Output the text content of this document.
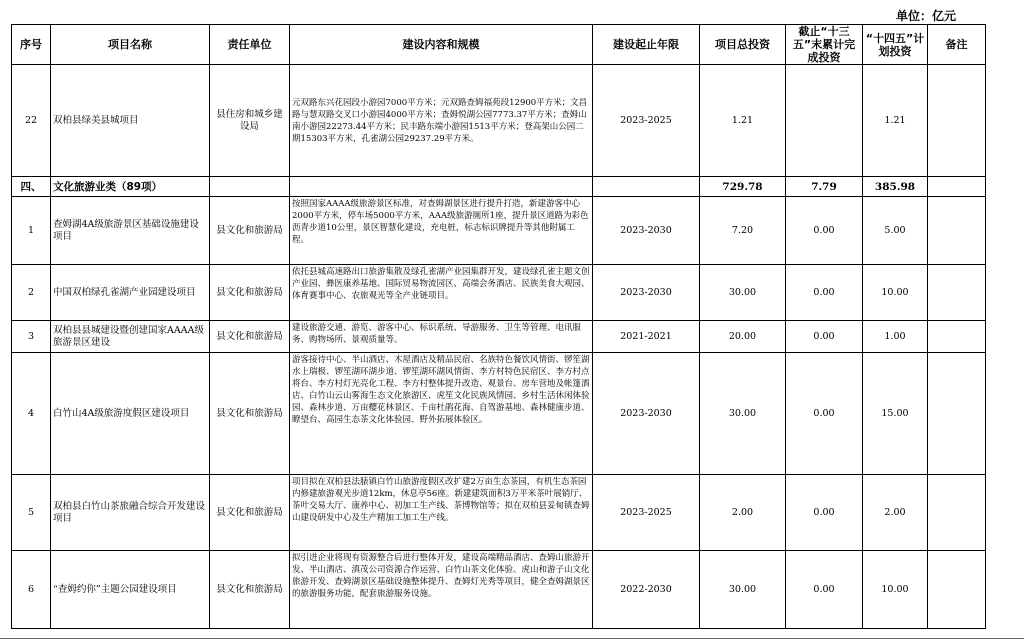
单位：亿元
序号	项目名称	责任单位	建设内容和规模	建设起止年限	项目总投资	截止“十三五”末累计完成投资	“十四五”计划投资	备注
22	双柏县绿美县城项目	县住房和城乡建设局	元双路东兴花园段小游园7000平方米；元双路查姆福苑段12900平方米；文昌路与慧双路交叉口小游园4000平方米；查姆悦湖公园7773.37平方米；查姆山南小游园22273.44平方米；民丰路东端小游园1513平方米；登高架山公园二期15303平方米，孔雀湖公园29237.29平方米。	2023-2025	1.21		1.21	
四、	文化旅游业类（89项）				729.78	7.79	385.98	
1	查姆湖4A级旅游景区基础设施建设项目	县文化和旅游局	按照国家AAAA级旅游景区标准，对查姆湖景区进行提升打造，新建游客中心2000平方米，停车场5000平方米，AAA级旅游厕所1座，提升景区道路为彩色沥青步道10公里，景区智慧化建设，充电桩，标志标识牌提升等其他附属工程。	2023-2030	7.20	0.00	5.00	
2	中国双柏绿孔雀湖产业园建设项目	县文化和旅游局	依托县城高速路出口旅游集散及绿孔雀湖产业园集群开发，建设绿孔雀主题文创产业园、彝医康养基地、国际贸易物流园区、高端会务酒店、民族美食大观园、体育赛事中心、农旅观光等全产业链项目。	2023-2030	30.00	0.00	10.00	
3	双柏县县城建设暨创建国家AAAA级旅游景区建设	县文化和旅游局	建设旅游交通、游览、游客中心、标识系统、导游服务、卫生等管理、电讯服务、购物场所、景观质量等。	2021-2021	20.00	0.00	1.00	
4	白竹山4A级旅游度假区建设项目	县文化和旅游局	游客接待中心、半山酒店、木屋酒店及精品民宿、名族特色餐饮风情街、锣笙湖水上瑞极、锣笙湖环湖步道、锣笙湖环湖风情街、李方村特色民宿区、李方村点将台、李方村灯光亮化工程、李方村整体提升改造、观景台、房车营地及帐篷酒店、白竹山云山雾海生态文化旅游区、虎笙文化民族风情园、乡村生活休闲体验园、森林步道、万亩樱花林景区、千亩杜鹃花海、自驾游基地、森林健康步道、瞭望台、高园生态茶文化体验园、野外拓展体验区。	2023-2030	30.00	0.00	15.00	
5	双柏县白竹山茶旅融合综合开发建设项目	县文化和旅游局	项目拟在双柏县法脿镇白竹山旅游度假区改扩建2万亩生态茶园，有机生态茶园内修建旅游观光步道12km，休息亭56座。新建建筑面积3万平米茶叶展销厅、茶叶交易大厅、康养中心、初加工生产线、茶博物馆等；拟在双柏县妥甸镇查姆山建设研发中心及生产精加工加工生产线。	2023-2025	2.00	0.00	2.00	
6	“查姆约你”主题公园建设项目	县文化和旅游局	拟引进企业将现有资源整合后进行整体开发，建设高端精品酒店、查姆山旅游开发、半山酒店、滇茂公司资源合作运营、白竹山茶文化体验、虎山和游子山文化旅游开发、查姆湖景区基础设施整体提升、查姆灯光秀等项目，健全查姆湖景区的旅游服务功能，配套旅游服务设施。	2022-2030	30.00	0.00	10.00	
